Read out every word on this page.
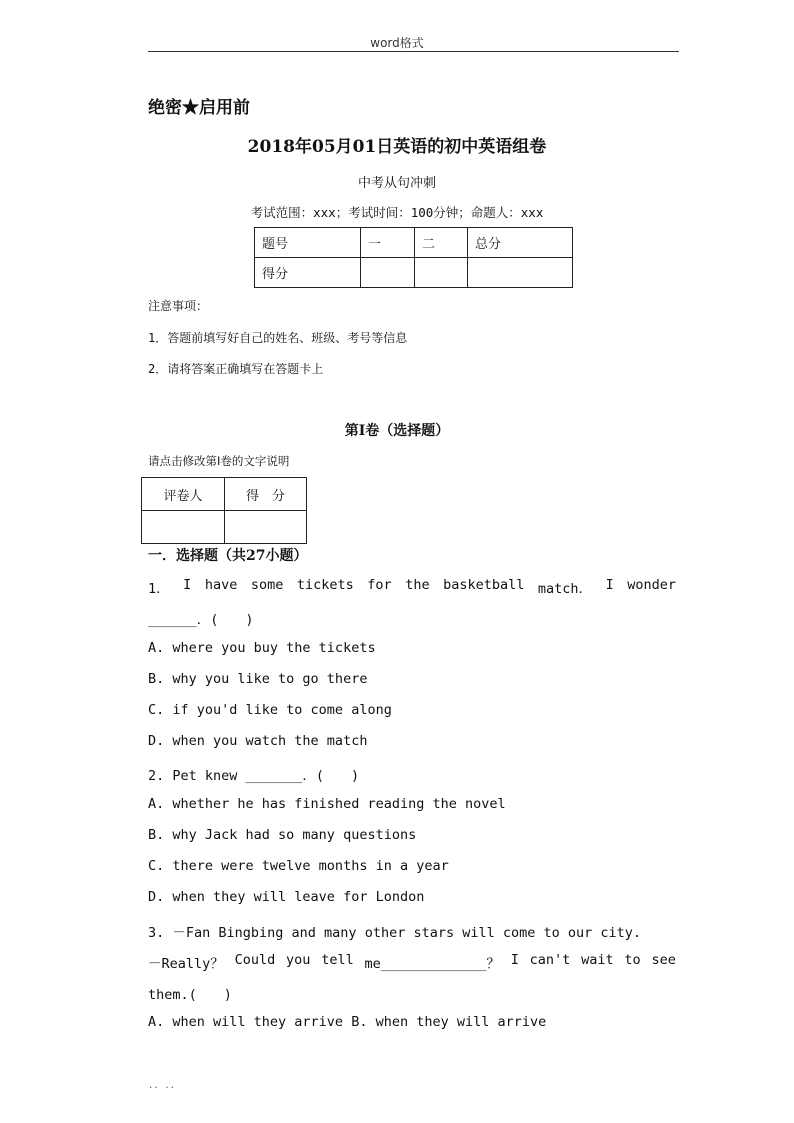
word格式
绝密★启用前
2018年05月01日英语的初中英语组卷
中考从句冲刺
考试范围：xxx；考试时间：100分钟；命题人：xxx
题号	一	二	总分
得分			
注意事项：
1．答题前填写好自己的姓名、班级、考号等信息
2．请将答案正确填写在答题卡上
第Ⅰ卷（选择题）
请点击修改第Ⅰ卷的文字说明
评卷人	得　分

一．选择题（共27小题）
1． I have some tickets for the basketball match． I wonder
______．(　　)
A. where you buy the tickets
B. why you like to go there
C. if you'd like to come along
D. when you watch the match
2. Pet knew _______．(　　)
A. whether he has finished reading the novel
B. why Jack had so many questions
C. there were twelve months in a year
D. when they will leave for London
3. －Fan Bingbing and many other stars will come to our city.
－Really？ Could you tell me_____________？ I can't wait to see
them.(　　)
A. when will they arrive B. when they will arrive
.. ..
